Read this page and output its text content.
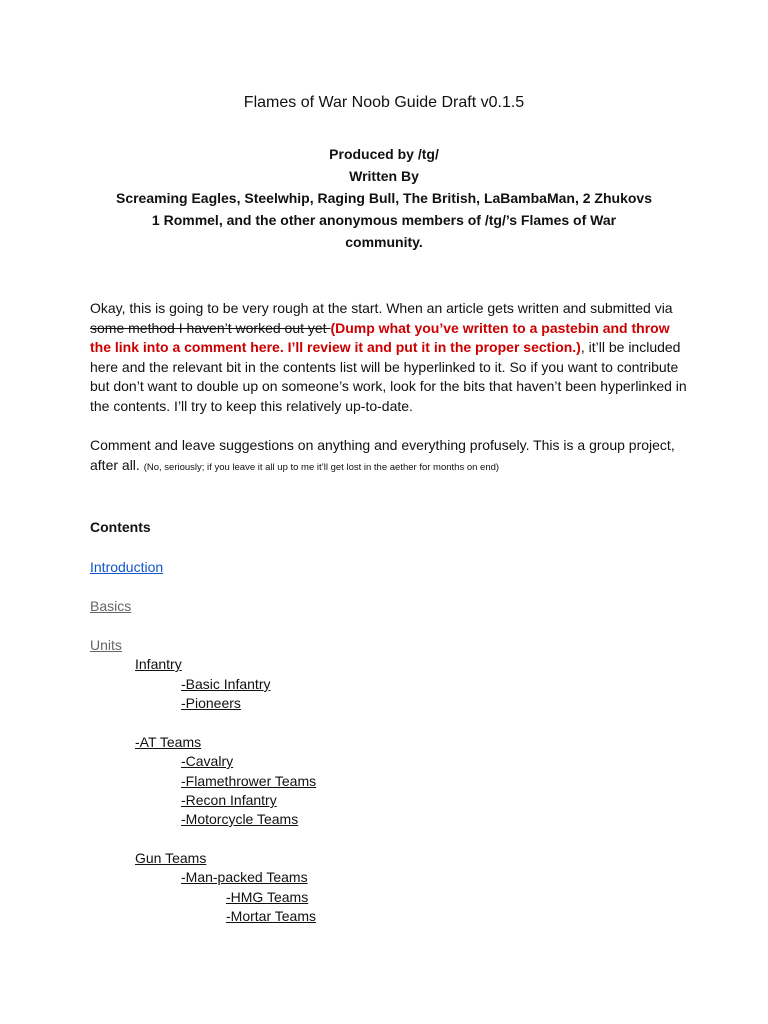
Flames of War Noob Guide Draft v0.1.5
Produced by /tg/
Written By
Screaming Eagles, Steelwhip, Raging Bull, The British, LaBambaMan, 2 Zhukovs
1 Rommel, and the other anonymous members of /tg/’s Flames of War
community.

Okay, this is going to be very rough at the start. When an article gets written and submitted via some method I haven’t worked out yet (Dump what you’ve written to a pastebin and throw the link into a comment here. I’ll review it and put it in the proper section.), it’ll be included here and the relevant bit in the contents list will be hyperlinked to it. So if you want to contribute but don’t want to double up on someone’s work, look for the bits that haven’t been hyperlinked in the contents. I’ll try to keep this relatively up-to-date.

Comment and leave suggestions on anything and everything profusely. This is a group project, after all. (No, seriously; if you leave it all up to me it’ll get lost in the aether for months on end)

Contents
Introduction
Basics
Units
Infantry
-Basic Infantry
-Pioneers
-AT Teams
-Cavalry
-Flamethrower Teams
-Recon Infantry
-Motorcycle Teams
Gun Teams
-Man-packed Teams
-HMG Teams
-Mortar Teams
